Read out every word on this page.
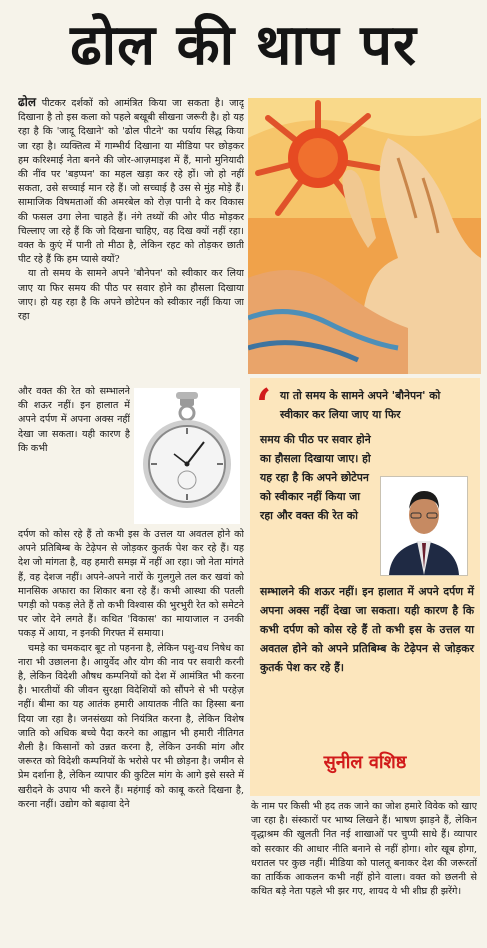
ढोल की थाप पर

ढोल पीटकर दर्शकों को आमंत्रित किया जा सकता है। जादू दिखाना है तो इस कला को पहले बखूबी सीखना जरूरी है। हो यह रहा है कि 'जादू दिखाने' को 'ढोल पीटने' का पर्याय सिद्ध किया जा रहा है। व्यक्तित्व में गाम्भीर्य दिखाना या मीडिया पर छोड़कर हम करिश्माई नेता बनने की जोर-आज़माइश में हैं, मानो मुनियादी की नींव पर 'बड़प्पन' का महल खड़ा कर रहे हों। जो हो नहीं सकता, उसे सच्चाई मान रहे हैं। जो सच्चाई है उस से मुंह मोड़े हैं। सामाजिक विषमताओं की अमरबेल को रोज़ पानी दे कर विकास की फसल उगा लेना चाहते हैं। नंगे तथ्यों की ओर पीठ मोड़कर चिल्लाए जा रहे हैं कि जो दिखना चाहिए, वह दिख क्यों नहीं रहा। वक्त के कुएं में पानी तो मीठा है, लेकिन रहट को तोड़कर छाती पीट रहे हैं कि हम प्यासे क्यों?

या तो समय के सामने अपने 'बौनेपन' को स्वीकार कर लिया जाए या फिर समय की पीठ पर सवार होने का हौसला दिखाया जाए। हो यह रहा है कि अपने छोटेपन को स्वीकार नहीं किया जा रहा

और वक्त की रेत को सम्भालने की शऊर नहीं। इन हालात में अपने दर्पण में अपना अक्स नहीं देखा जा सकता। यही कारण है कि कभी

दर्पण को कोस रहे हैं तो कभी इस के उत्तल या अवतल होने को अपने प्रतिबिम्ब के टेढ़ेपन से जोड़कर कुतर्क पेश कर रहे हैं। यह देश जो मांगता है, वह हमारी समझ में नहीं आ रहा। जो नेता मांगते हैं, वह देशज नहीं। अपने-अपने नारों के गुलगुले तल कर खवां को मानसिक अफारा का शिकार बना रहे हैं। कभी आस्था की पतली पगड़ी को पकड़ लेते हैं तो कभी विश्वास की भुरभुरी रेत को समेटने पर जोर देने लगते हैं। कथित 'विकास' का मायाजाल न उनकी पकड़ में आया, न इनकी गिरफ्त में समाया।

चमड़े का चमकदार बूट तो पहनना है, लेकिन पशु-वध निषेध का नारा भी उछालना है। आयुर्वेद और योग की नाव पर सवारी करनी है, लेकिन विदेशी औषध कम्पनियों को देश में आमंत्रित भी करना है। भारतीयों की जीवन सुरक्षा विदेशियों को सौंपने से भी परहेज़ नहीं। बीमा का यह आतंक हमारी आयातक नीति का हिस्सा बना दिया जा रहा है। जनसंख्या को नियंत्रित करना है, लेकिन विशेष जाति को अधिक बच्चे पैदा करने का आह्वान भी हमारी नीतिगत शैली है। किसानों को उन्नत करना है, लेकिन उनकी मांग और जरूरत को विदेशी कम्पनियों के भरोसे पर भी छोड़ना है। जमीन से प्रेम दर्शाना है, लेकिन व्यापार की कुटिल मांग के आगे इसे सस्ते में खरीदने के उपाय भी करने हैं। महंगाई को काबू करते दिखना है, करना नहीं। उद्योग को बढ़ावा देने	के नाम पर किसी भी हद तक जाने का जोश हमारे विवेक को खाए जा रहा है। संस्कारों पर भाष्य लिखने हैं। भाषण झाड़ने हैं, लेकिन वृद्धाश्रम की खुलती नित नई शाखाओं पर चुप्पी साधे हैं। व्यापार को सरकार की आधार नीति बनाने से नहीं होगा। शोर खूब होगा, धरातल पर कुछ नहीं। मीडिया को पालतू बनाकर देश की जरूरतों का तार्किक आकलन कभी नहीं होने वाला। वक्त को छलनी से कथित बड़े नेता पहले भी झर गए, शायद ये भी शीघ्र ही झरेंगे।

‘ या तो समय के सामने अपने 'बौनेपन' को स्वीकार कर लिया जाए या फिर
समय की पीठ पर सवार होने का हौसला दिखाया जाए। हो यह रहा है कि अपने छोटेपन को स्वीकार नहीं किया जा रहा और वक्त की रेत को
सम्भालने की शऊर नहीं। इन हालात में अपने दर्पण में अपना अक्स नहीं देखा जा सकता। यही कारण है कि कभी दर्पण को कोस रहे हैं तो कभी इस के उत्तल या अवतल होने को अपने प्रतिबिम्ब के टेढ़ेपन से जोड़कर कुतर्क पेश कर रहे हैं।
सुनील वशिष्ठ
